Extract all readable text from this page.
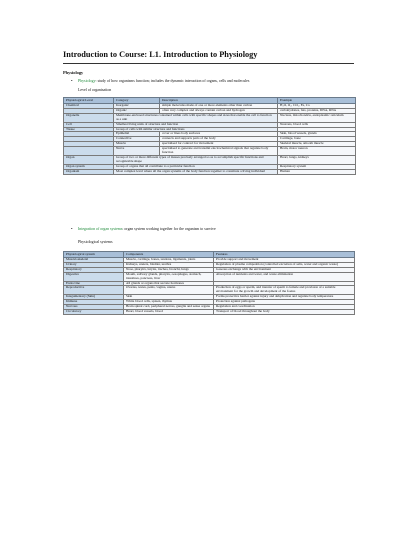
Introduction to Course: L1. Introduction to Physiology
Physiology
• Physiology: study of how organisms function; includes the dynamic interaction of organs, cells and molecules
Level of organisation
Physiological Level	Category	Description	Example
Chemical	Inorganic	simple molecules made of one or more elements other than carbon	H₂O, O₂, CO₂, Fe, Ca
	Organic	often very complex and always contain carbon and hydrogen	carbohydrates, fats, proteins, DNA, RNA
Organelle	Membrane-enclosed structures contained within cells with specific shapes and sizes that enable the cell to function as a unit		Nucleus, mitochondria, endoplasmic reticulum
Cell	Smallest living units of structure and function		Neurons, blood cells
Tissue	Group of cells with similar structure and functions		
	Epithelial	cover or lines body surfaces	Skin, blood vessels, glands
	Connective	connects and supports parts of the body	Cartilage, bone
	Muscle	specialised for contract for movement	Skeletal muscle, smooth muscle
	Nerve	specialised to generate and transmit electrochemical signals that regulate body function	Brain, motor neuron
Organ	Group of two or more different types of tissues precisely arranged so as to accomplish specific functions and recognizable shape		Heart, lungs, kidneys
Organ system	Group of organs that all contribute to a particular function		Respiratory system
Organism	Most complex level where all the organ systems of the body function together to constitute a living individual		Human
• Integration of organ systems: organ system working together for the organism to survive
Physiological systems
Physiological system	Components	Features
Musculoskeletal	Muscle, cartilage, bones, tendons, ligaments, joints	Provide support and movement
Urinary	Kidneys, ureters, bladder, urethra	Regulation of plasma composition (controlled excretion of salts, water and organic waste)
Respiratory	Nose, pharynx, larynx, trachea, bronchi, lungs	Gaseous exchange with the environment
Digestive	Mouth, salivary glands, pharynx, oesophagus, stomach, intestines, pancreas, liver	Absorption of nutrients and water, and waste elimination
Endocrine	All glands or organs that secrete hormones	
Reproductive	Ovaries, testes, penis, vagina, uterus	Production of eggs or sperm, and transfer of sperm to female and provision of a suitable environment for the growth and development of the foetus
Integumentary (Skin)	Skin	Forms protective barrier against injury and dehydration and regulate body temperature
Immune	White blood cells, spleen, thymus	Protection against pathogens
Nervous	Brain spinal cord, peripheral nerves, ganglia and sense organs	Regulation and coordination
Circulatory	Heart, blood vessels, blood	Transport of blood throughout the body
